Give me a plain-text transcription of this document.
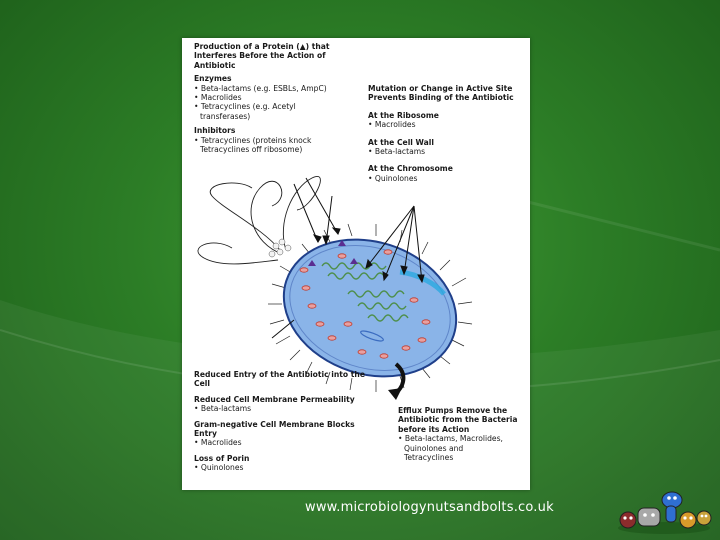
Production of a Protein (▲) that Interferes Before the Action of Antibiotic
Enzymes
• Beta-lactams (e.g. ESBLs, AmpC)
• Macrolides
• Tetracyclines (e.g. Acetyl
transferases)
Inhibitors
• Tetracyclines (proteins knock
Tetracyclines off ribosome)
Mutation or Change in Active Site Prevents Binding of the Antibiotic
At the Ribosome
• Macrolides
At the Cell Wall
• Beta-lactams
At the Chromosome
• Quinolones
Reduced Entry of the Antibiotic into the Cell
Reduced Cell Membrane Permeability
• Beta-lactams
Gram-negative Cell Membrane Blocks Entry
• Macrolides
Loss of Porin
• Quinolones
Efflux Pumps Remove the Antibiotic from the Bacteria before its Action
• Beta-lactams, Macrolides,
Quinolones and
Tetracyclines
www.microbiologynutsandbolts.co.uk
